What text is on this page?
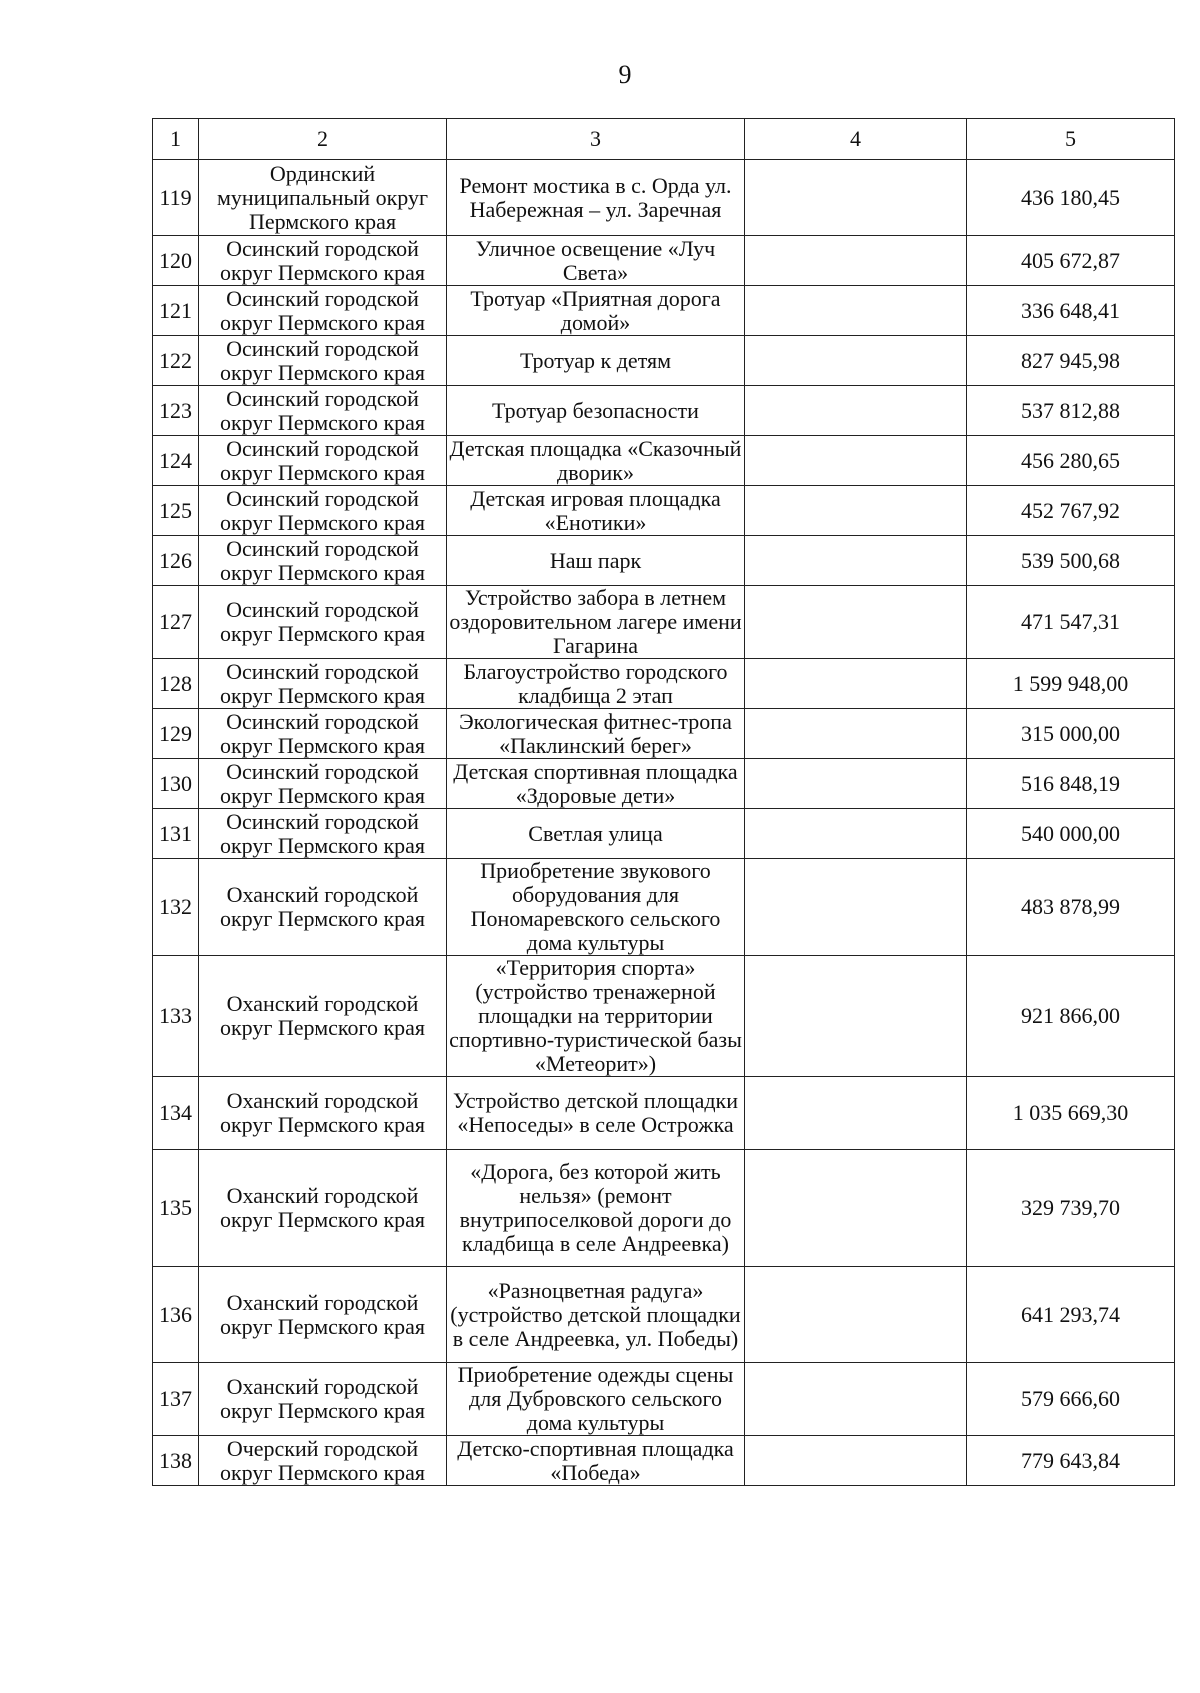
9
1	2	3	4	5
119	Ординский муниципальный округ Пермского края	Ремонт мостика в с. Орда ул. Набережная – ул. Заречная		436 180,45
120	Осинский городской округ Пермского края	Уличное освещение «Луч Света»		405 672,87
121	Осинский городской округ Пермского края	Тротуар «Приятная дорога домой»		336 648,41
122	Осинский городской округ Пермского края	Тротуар к детям		827 945,98
123	Осинский городской округ Пермского края	Тротуар безопасности		537 812,88
124	Осинский городской округ Пермского края	Детская площадка «Сказочный дворик»		456 280,65
125	Осинский городской округ Пермского края	Детская игровая площадка «Енотики»		452 767,92
126	Осинский городской округ Пермского края	Наш парк		539 500,68
127	Осинский городской округ Пермского края	Устройство забора в летнем оздоровительном лагере имени Гагарина		471 547,31
128	Осинский городской округ Пермского края	Благоустройство городского кладбища 2 этап		1 599 948,00
129	Осинский городской округ Пермского края	Экологическая фитнес-тропа «Паклинский берег»		315 000,00
130	Осинский городской округ Пермского края	Детская спортивная площадка «Здоровые дети»		516 848,19
131	Осинский городской округ Пермского края	Светлая улица		540 000,00
132	Оханский городской округ Пермского края	Приобретение звукового оборудования для Пономаревского сельского дома культуры		483 878,99
133	Оханский городской округ Пермского края	«Территория спорта» (устройство тренажерной площадки на территории спортивно-туристической базы «Метеорит»)		921 866,00
134	Оханский городской округ Пермского края	Устройство детской площадки «Непоседы» в селе Острожка		1 035 669,30
135	Оханский городской округ Пермского края	«Дорога, без которой жить нельзя» (ремонт внутрипоселковой дороги до кладбища в селе Андреевка)		329 739,70
136	Оханский городской округ Пермского края	«Разноцветная радуга» (устройство детской площадки в селе Андреевка, ул. Победы)		641 293,74
137	Оханский городской округ Пермского края	Приобретение одежды сцены для Дубровского сельского дома культуры		579 666,60
138	Очерский городской округ Пермского края	Детско-спортивная площадка «Победа»		779 643,84
